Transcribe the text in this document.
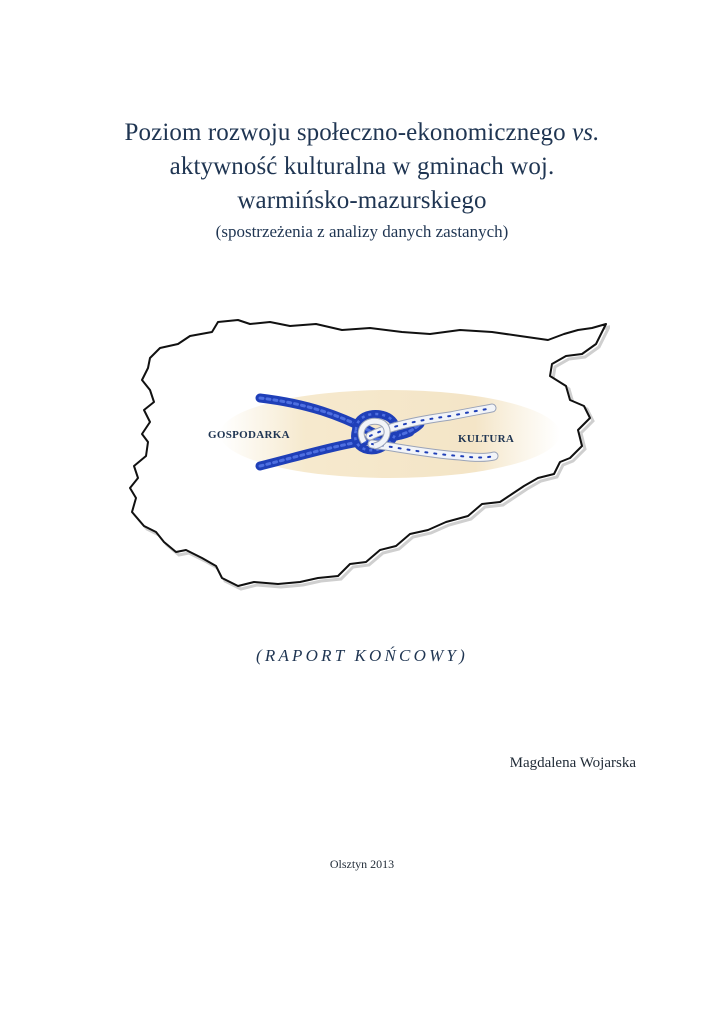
Poziom rozwoju społeczno-ekonomicznego vs.
aktywność kulturalna w gminach woj.
warmińsko-mazurskiego
(spostrzeżenia z analizy danych zastanych)
GOSPODARKA	KULTURA
(RAPORT KOŃCOWY)
Magdalena Wojarska
Olsztyn 2013
